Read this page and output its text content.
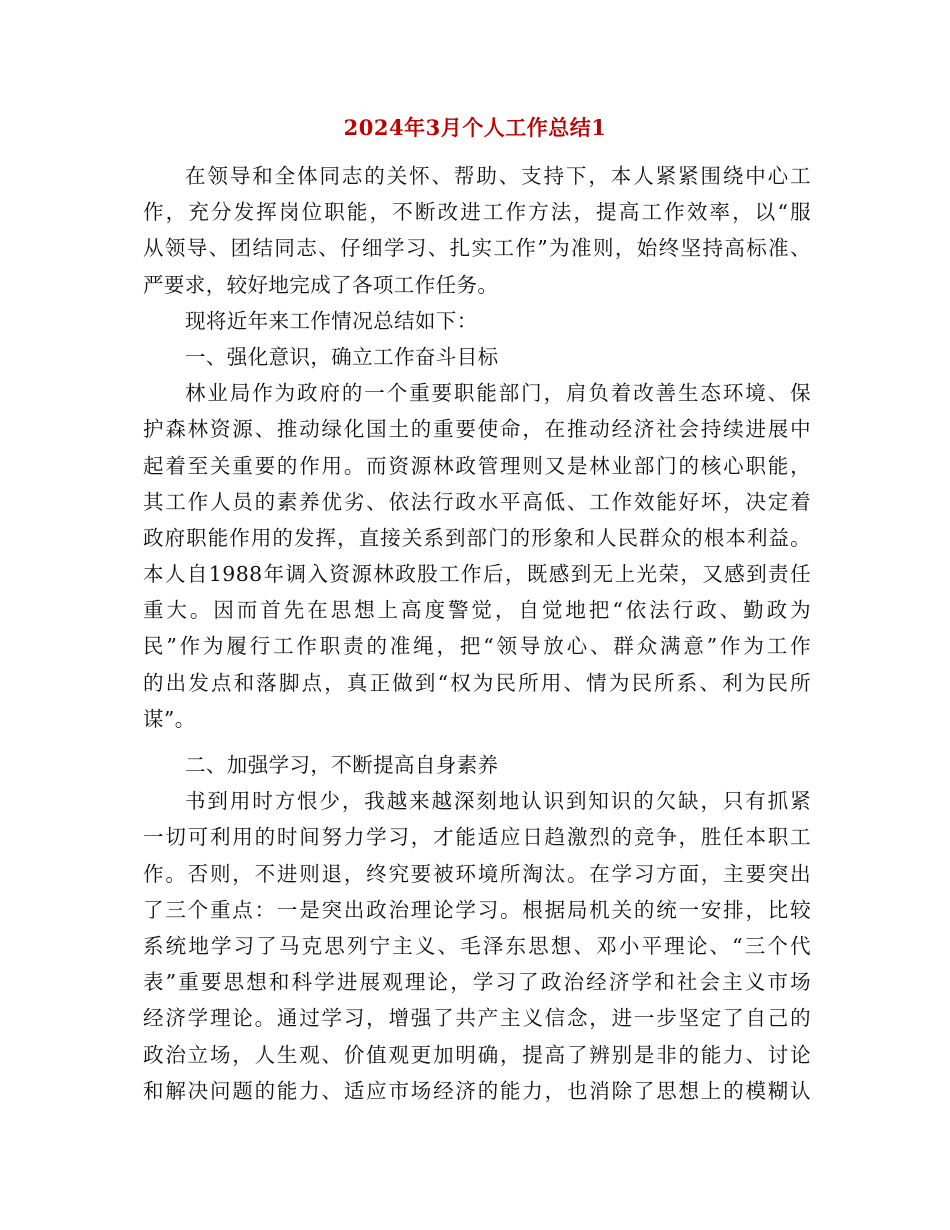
2024年3月个人工作总结1
在领导和全体同志的关怀、帮助、支持下，本人紧紧围绕中心工
作，充分发挥岗位职能，不断改进工作方法，提高工作效率，以“服
从领导、团结同志、仔细学习、扎实工作”为准则，始终坚持高标准、
严要求，较好地完成了各项工作任务。
现将近年来工作情况总结如下：
一、强化意识，确立工作奋斗目标
林业局作为政府的一个重要职能部门，肩负着改善生态环境、保
护森林资源、推动绿化国土的重要使命，在推动经济社会持续进展中
起着至关重要的作用。而资源林政管理则又是林业部门的核心职能，
其工作人员的素养优劣、依法行政水平高低、工作效能好坏，决定着
政府职能作用的发挥，直接关系到部门的形象和人民群众的根本利益。
本人自1988年调入资源林政股工作后，既感到无上光荣，又感到责任
重大。因而首先在思想上高度警觉，自觉地把“依法行政、勤政为
民”作为履行工作职责的准绳，把“领导放心、群众满意”作为工作
的出发点和落脚点，真正做到“权为民所用、情为民所系、利为民所
谋”。
二、加强学习，不断提高自身素养
书到用时方恨少，我越来越深刻地认识到知识的欠缺，只有抓紧
一切可利用的时间努力学习，才能适应日趋激烈的竞争，胜任本职工
作。否则，不进则退，终究要被环境所淘汰。在学习方面，主要突出
了三个重点：一是突出政治理论学习。根据局机关的统一安排，比较
系统地学习了马克思列宁主义、毛泽东思想、邓小平理论、“三个代
表”重要思想和科学进展观理论，学习了政治经济学和社会主义市场
经济学理论。通过学习，增强了共产主义信念，进一步坚定了自己的
政治立场，人生观、价值观更加明确，提高了辨别是非的能力、讨论
和解决问题的能力、适应市场经济的能力，也消除了思想上的模糊认
